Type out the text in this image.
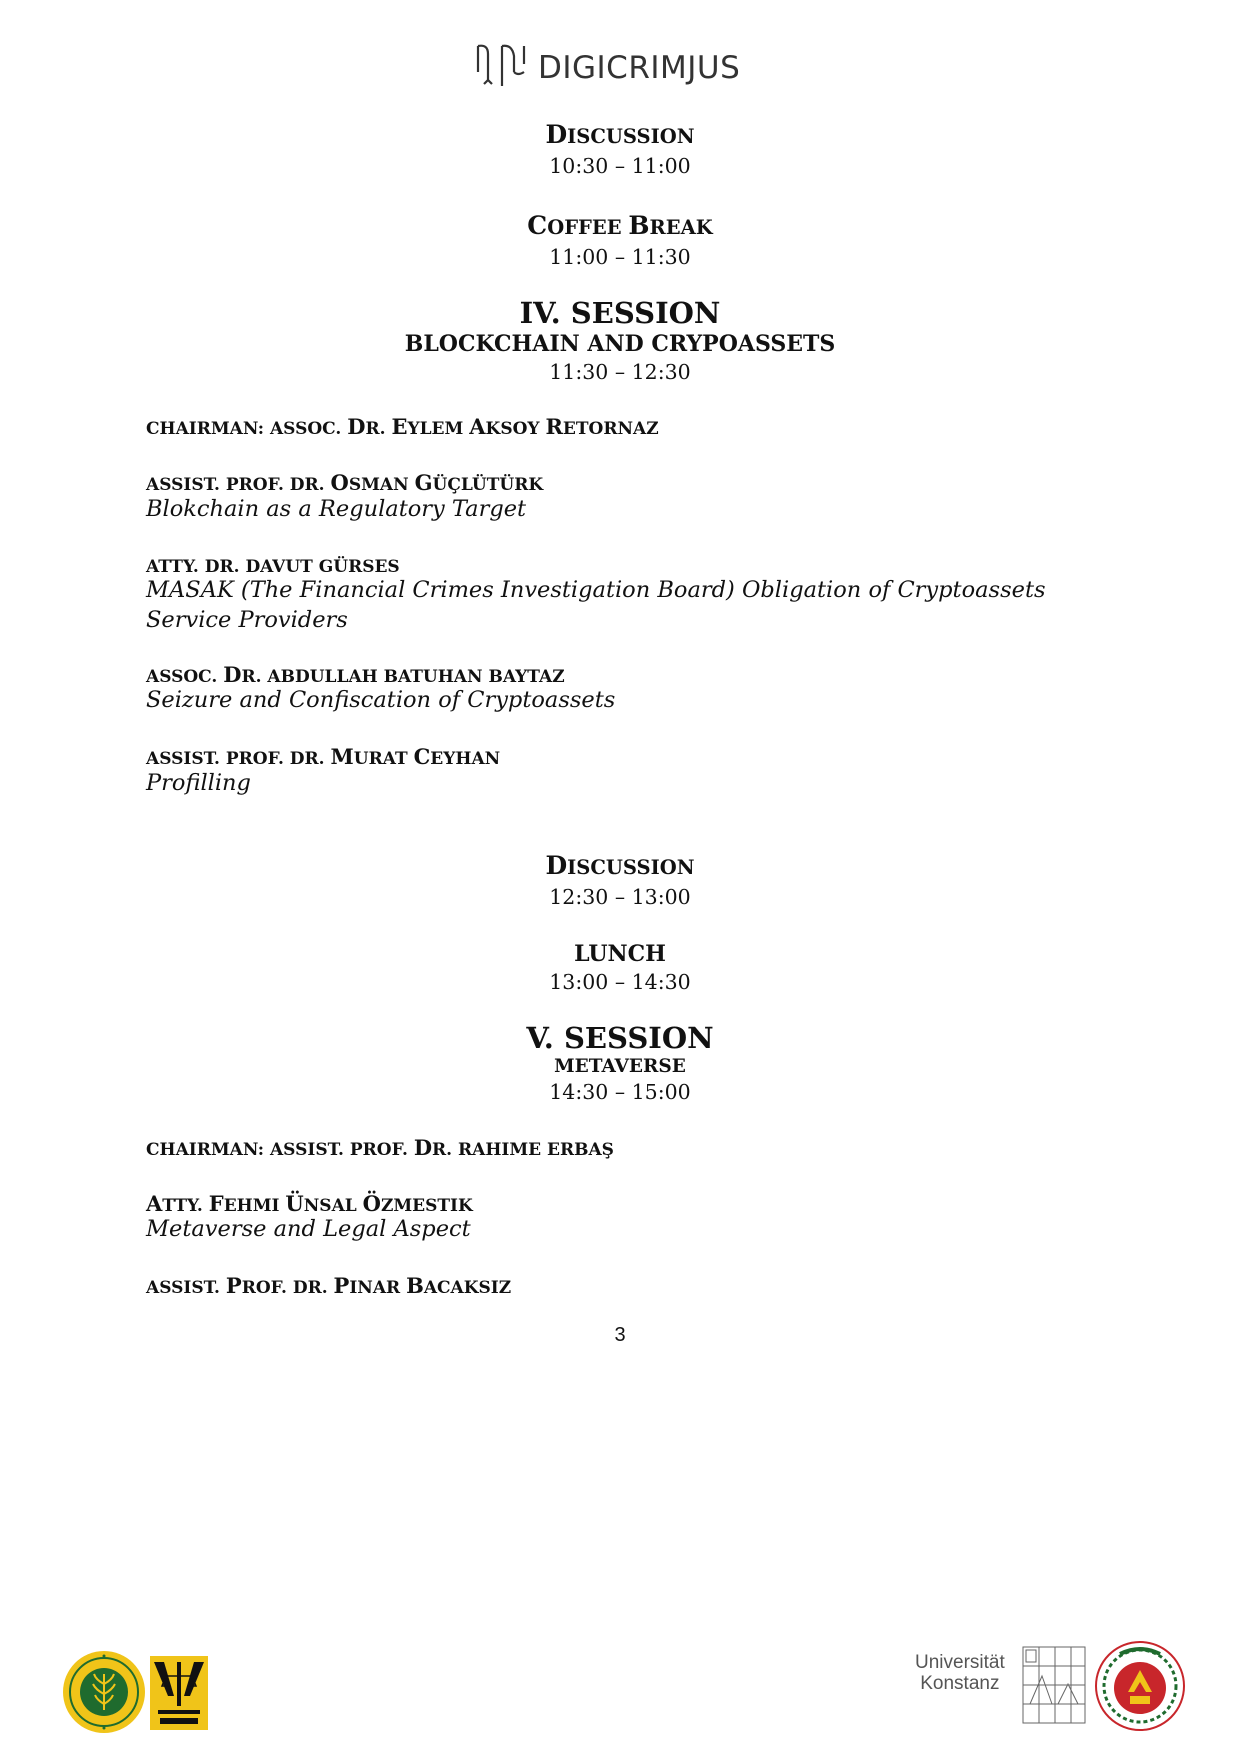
DIGICRIMJUS
DISCUSSION
10:30 – 11:00
COFFEE BREAK
11:00 – 11:30
IV. SESSION
BLOCKCHAIN AND CRYPOASSETS
11:30 – 12:30
CHAIRMAN: ASSOC. DR. EYLEM AKSOY RETORNAZ
ASSIST. PROF. DR. OSMAN GÜÇLÜTÜRK
Blokchain as a Regulatory Target
ATTY. DR. DAVUT GÜRSES
MASAK (The Financial Crimes Investigation Board) Obligation of Cryptoassets
Service Providers
ASSOC. DR. ABDULLAH BATUHAN BAYTAZ
Seizure and Confiscation of Cryptoassets
ASSIST. PROF. DR. MURAT CEYHAN
Profilling
DISCUSSION
12:30 – 13:00
LUNCH
13:00 – 14:30
V. SESSION
METAVERSE
14:30 – 15:00
CHAIRMAN: ASSIST. PROF. DR. RAHIME ERBAŞ
ATTY. FEHMI ÜNSAL ÖZMESTIK
Metaverse and Legal Aspect
ASSIST. PROF. DR. PINAR BACAKSIZ
3
Universität
Konstanz
